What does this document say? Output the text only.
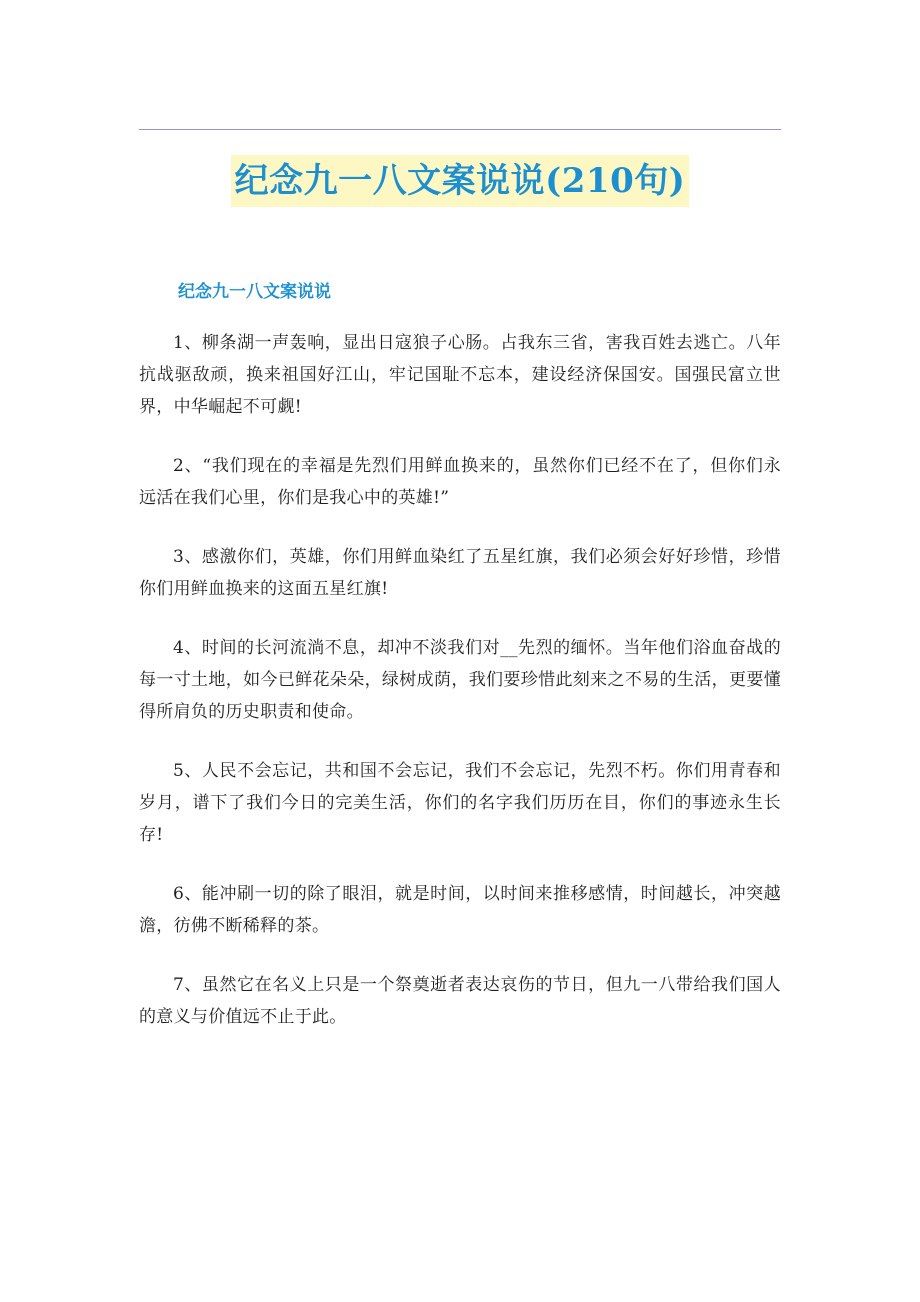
纪念九一八文案说说(210句)
纪念九一八文案说说

1、柳条湖一声轰响，显出日寇狼子心肠。占我东三省，害我百姓去逃亡。八年抗战驱敌顽，换来祖国好江山，牢记国耻不忘本，建设经济保国安。国强民富立世界，中华崛起不可觑!

2、“我们现在的幸福是先烈们用鲜血换来的，虽然你们已经不在了，但你们永远活在我们心里，你们是我心中的英雄!”

3、感激你们，英雄，你们用鲜血染红了五星红旗，我们必须会好好珍惜，珍惜你们用鲜血换来的这面五星红旗!

4、时间的长河流淌不息，却冲不淡我们对__先烈的缅怀。当年他们浴血奋战的每一寸土地，如今已鲜花朵朵，绿树成荫，我们要珍惜此刻来之不易的生活，更要懂得所肩负的历史职责和使命。

5、人民不会忘记，共和国不会忘记，我们不会忘记，先烈不朽。你们用青春和岁月，谱下了我们今日的完美生活，你们的名字我们历历在目，你们的事迹永生长存!

6、能冲刷一切的除了眼泪，就是时间，以时间来推移感情，时间越长，冲突越澹，彷佛不断稀释的茶。

7、虽然它在名义上只是一个祭奠逝者表达哀伤的节日，但九一八带给我们国人的意义与价值远不止于此。
